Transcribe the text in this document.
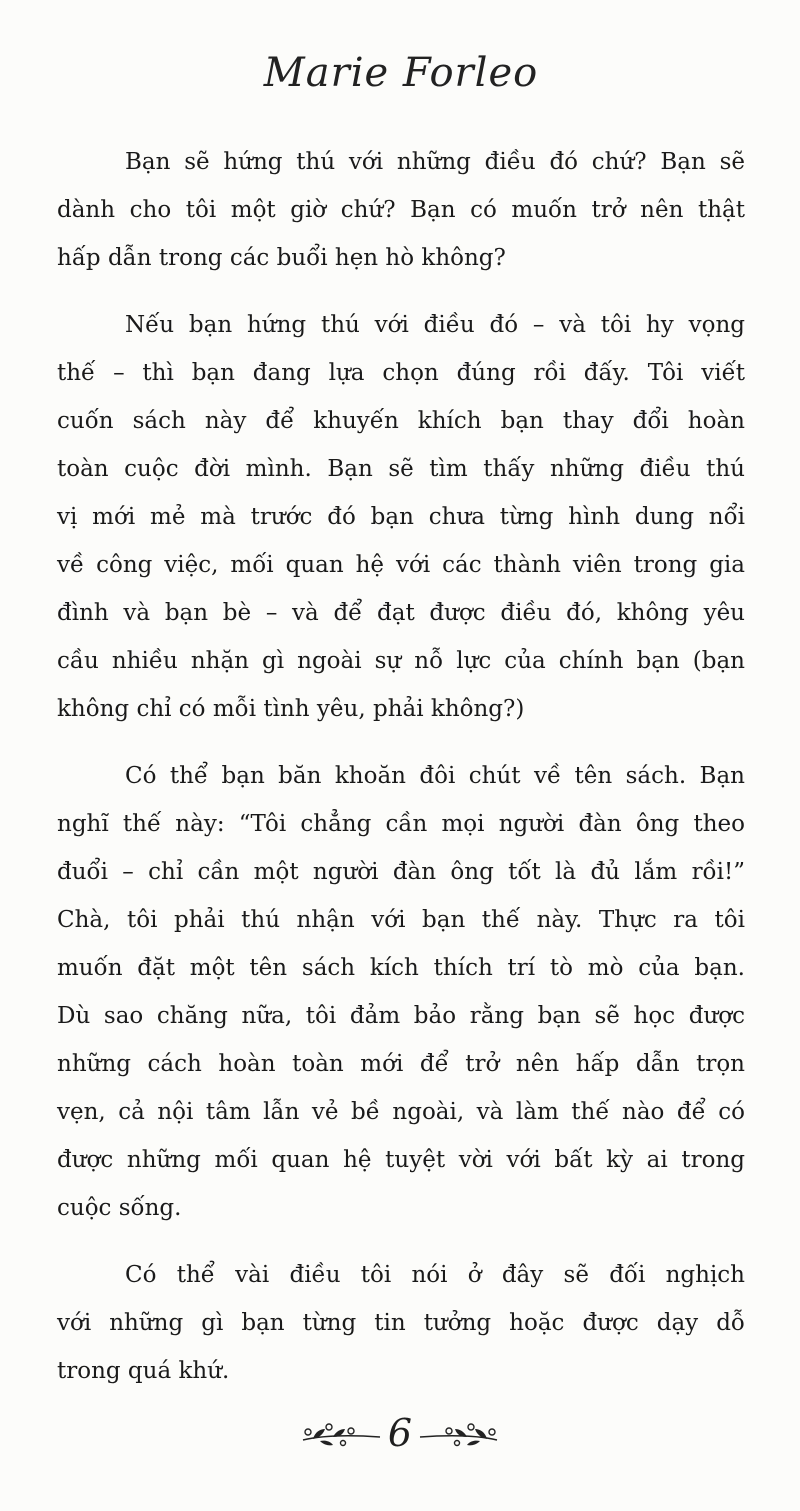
Marie Forleo

Bạn sẽ hứng thú với những điều đó chứ? Bạn sẽ
dành cho tôi một giờ chứ? Bạn có muốn trở nên thật
hấp dẫn trong các buổi hẹn hò không?

Nếu bạn hứng thú với điều đó – và tôi hy vọng
thế – thì bạn đang lựa chọn đúng rồi đấy. Tôi viết
cuốn sách này để khuyến khích bạn thay đổi hoàn
toàn cuộc đời mình. Bạn sẽ tìm thấy những điều thú
vị mới mẻ mà trước đó bạn chưa từng hình dung nổi
về công việc, mối quan hệ với các thành viên trong gia
đình và bạn bè – và để đạt được điều đó, không yêu
cầu nhiều nhặn gì ngoài sự nỗ lực của chính bạn (bạn
không chỉ có mỗi tình yêu, phải không?)

Có thể bạn băn khoăn đôi chút về tên sách. Bạn
nghĩ thế này: “Tôi chẳng cần mọi người đàn ông theo
đuổi – chỉ cần một người đàn ông tốt là đủ lắm rồi!”
Chà, tôi phải thú nhận với bạn thế này. Thực ra tôi
muốn đặt một tên sách kích thích trí tò mò của bạn.
Dù sao chăng nữa, tôi đảm bảo rằng bạn sẽ học được
những cách hoàn toàn mới để trở nên hấp dẫn trọn
vẹn, cả nội tâm lẫn vẻ bề ngoài, và làm thế nào để có
được những mối quan hệ tuyệt vời với bất kỳ ai trong
cuộc sống.

Có thể vài điều tôi nói ở đây sẽ đối nghịch
với những gì bạn từng tin tưởng hoặc được dạy dỗ
trong quá khứ.

6
